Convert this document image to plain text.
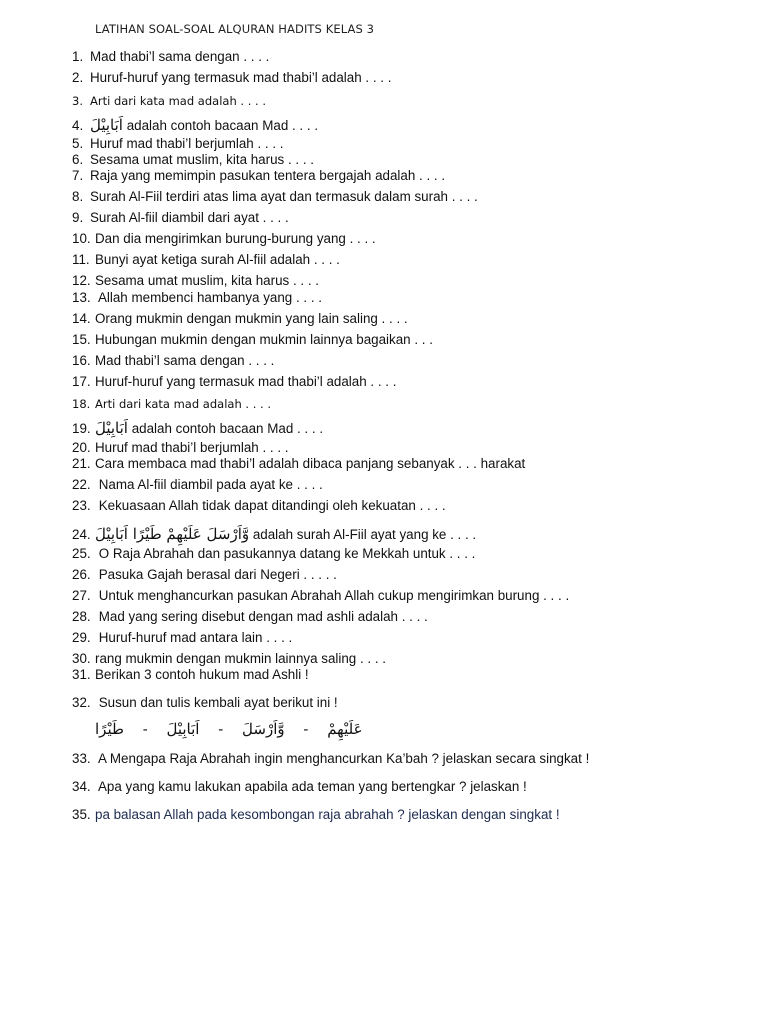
LATIHAN SOAL-SOAL ALQURAN HADITS KELAS 3
1. Mad thabi’l sama dengan . . . .
2. Huruf-huruf yang termasuk mad thabi’l adalah . . . .
3. Arti dari kata mad adalah . . . .
4. اَبَابِيْلَ adalah contoh bacaan Mad . . . .
5. Huruf mad thabi’l berjumlah . . . .
6. Sesama umat muslim, kita harus . . . .
7. Raja yang memimpin pasukan tentera bergajah adalah . . . .
8. Surah Al-Fiil terdiri atas lima ayat dan termasuk dalam surah . . . .
9. Surah Al-fiil diambil dari ayat . . . .
10. Dan dia mengirimkan burung-burung yang . . . .
11. Bunyi ayat ketiga surah Al-fiil adalah . . . .
12. Sesama umat muslim, kita harus . . . .
13. Allah membenci hambanya yang . . . .
14. Orang mukmin dengan mukmin yang lain saling . . . .
15. Hubungan mukmin dengan mukmin lainnya bagaikan . . .
16. Mad thabi’l sama dengan . . . .
17. Huruf-huruf yang termasuk mad thabi’l adalah . . . .
18. Arti dari kata mad adalah . . . .
19. اَبَابِيْلَ adalah contoh bacaan Mad . . . .
20. Huruf mad thabi’l berjumlah . . . .
21. Cara membaca mad thabi’l adalah dibaca panjang sebanyak . . . harakat
22. Nama Al-fiil diambil pada ayat ke . . . .
23. Kekuasaan Allah tidak dapat ditandingi oleh kekuatan . . . .
24. وَّاَرْسَلَ عَلَيْهِمْ طَيْرًا اَبَابِيْلَ adalah surah Al-Fiil ayat yang ke . . . .
25. O Raja Abrahah dan pasukannya datang ke Mekkah untuk . . . .
26. Pasuka Gajah berasal dari Negeri . . . . .
27. Untuk menghancurkan pasukan Abrahah Allah cukup mengirimkan burung . . . .
28. Mad yang sering disebut dengan mad ashli adalah . . . .
29. Huruf-huruf mad antara lain . . . .
30. rang mukmin dengan mukmin lainnya saling . . . .
31. Berikan 3 contoh hukum mad Ashli !
32. Susun dan tulis kembali ayat berikut ini !
33. A Mengapa Raja Abrahah ingin menghancurkan Ka’bah ? jelaskan secara singkat !
34. Apa yang kamu lakukan apabila ada teman yang bertengkar ? jelaskan !
35. pa balasan Allah pada kesombongan raja abrahah ? jelaskan dengan singkat !
طَيْرًا - اَبَابِيْلَ - وَّاَرْسَلَ - عَلَيْهِمْ
